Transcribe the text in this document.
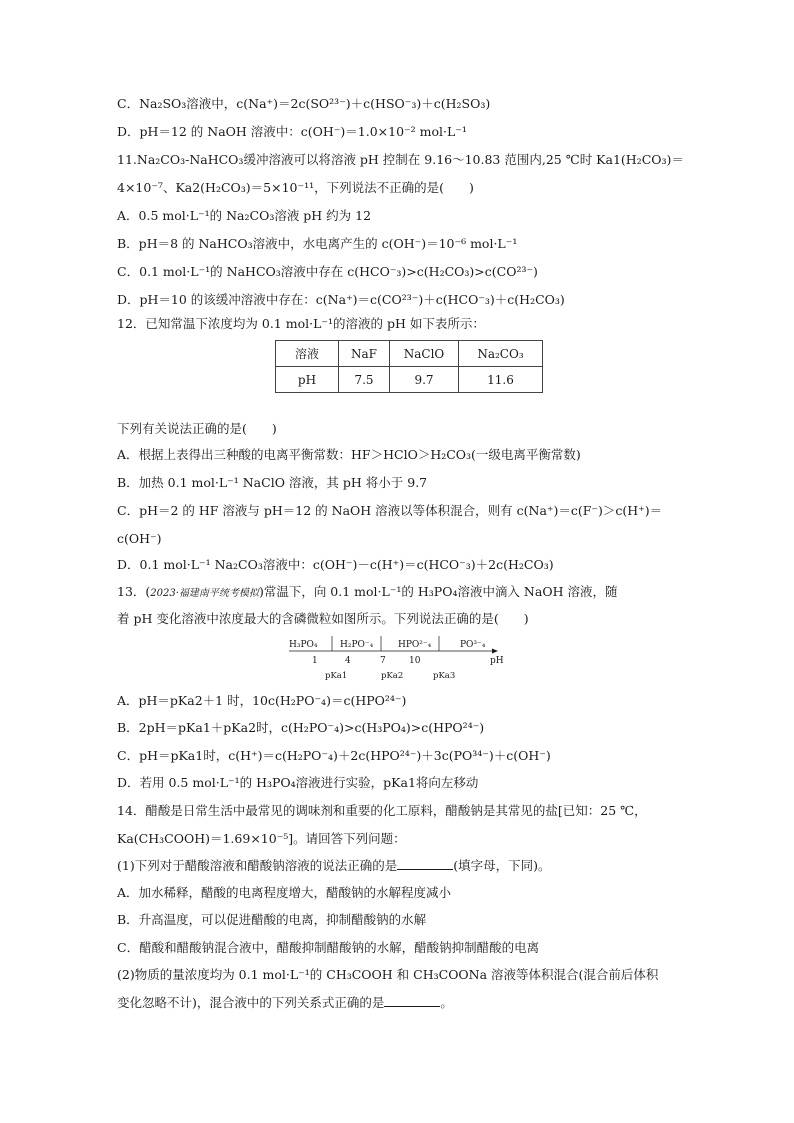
C．Na₂SO₃溶液中，c(Na⁺)＝2c(SO²³⁻)＋c(HSO⁻₃)＋c(H₂SO₃)
D．pH＝12 的 NaOH 溶液中：c(OH⁻)＝1.0×10⁻² mol·L⁻¹
11.Na₂CO₃-NaHCO₃缓冲溶液可以将溶液 pH 控制在 9.16～10.83 范围内,25 ℃时 Ka1(H₂CO₃)＝
4×10⁻⁷、Ka2(H₂CO₃)＝5×10⁻¹¹，下列说法不正确的是(　　)
A．0.5 mol·L⁻¹的 Na₂CO₃溶液 pH 约为 12
B．pH＝8 的 NaHCO₃溶液中，水电离产生的 c(OH⁻)＝10⁻⁶ mol·L⁻¹
C．0.1 mol·L⁻¹的 NaHCO₃溶液中存在 c(HCO⁻₃)>c(H₂CO₃)>c(CO²³⁻)
D．pH＝10 的该缓冲溶液中存在：c(Na⁺)＝c(CO²³⁻)＋c(HCO⁻₃)＋c(H₂CO₃)
12．已知常温下浓度均为 0.1 mol·L⁻¹的溶液的 pH 如下表所示：
溶液	NaF	NaClO	Na₂CO₃
pH	7.5	9.7	11.6
下列有关说法正确的是(　　)
A．根据上表得出三种酸的电离平衡常数：HF＞HClO＞H₂CO₃(一级电离平衡常数)
B．加热 0.1 mol·L⁻¹ NaClO 溶液，其 pH 将小于 9.7
C．pH＝2 的 HF 溶液与 pH＝12 的 NaOH 溶液以等体积混合，则有 c(Na⁺)＝c(F⁻)＞c(H⁺)＝
c(OH⁻)
D．0.1 mol·L⁻¹ Na₂CO₃溶液中：c(OH⁻)－c(H⁺)＝c(HCO⁻₃)＋2c(H₂CO₃)
13．(2023·福建南平统考模拟)常温下，向 0.1 mol·L⁻¹的 H₃PO₄溶液中滴入 NaOH 溶液，随
着 pH 变化溶液中浓度最大的含磷微粒如图所示。下列说法正确的是(　　)
H₃PO₄	H₂PO⁻₄	HPO²⁻₄	PO³⁻₄
1	4	7	10	pH
pKa1	pKa2	pKa3
A．pH＝pKa2＋1 时，10c(H₂PO⁻₄)＝c(HPO²⁴⁻)
B．2pH＝pKa1＋pKa2时，c(H₂PO⁻₄)>c(H₃PO₄)>c(HPO²⁴⁻)
C．pH＝pKa1时，c(H⁺)＝c(H₂PO⁻₄)＋2c(HPO²⁴⁻)＋3c(PO³⁴⁻)＋c(OH⁻)
D．若用 0.5 mol·L⁻¹的 H₃PO₄溶液进行实验，pKa1将向左移动
14．醋酸是日常生活中最常见的调味剂和重要的化工原料，醋酸钠是其常见的盐[已知：25 ℃，
Ka(CH₃COOH)＝1.69×10⁻⁵]。请回答下列问题：
(1)下列对于醋酸溶液和醋酸钠溶液的说法正确的是	(填字母，下同)。
A．加水稀释，醋酸的电离程度增大，醋酸钠的水解程度减小
B．升高温度，可以促进醋酸的电离，抑制醋酸钠的水解
C．醋酸和醋酸钠混合液中，醋酸抑制醋酸钠的水解，醋酸钠抑制醋酸的电离
(2)物质的量浓度均为 0.1 mol·L⁻¹的 CH₃COOH 和 CH₃COONa 溶液等体积混合(混合前后体积
变化忽略不计)，混合液中的下列关系式正确的是	。
